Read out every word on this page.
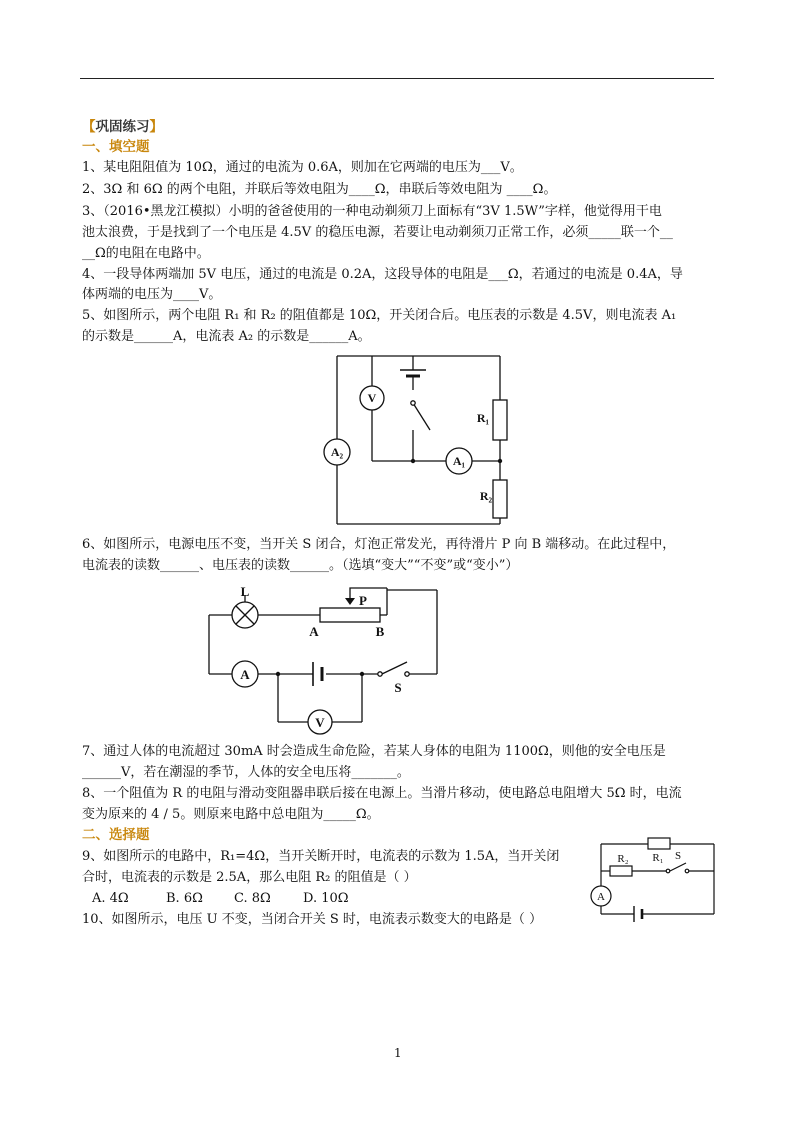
【巩固练习】
一、填空题
1、某电阻阻值为 10Ω，通过的电流为 0.6A，则加在它两端的电压为___V。
2、3Ω 和 6Ω 的两个电阻，并联后等效电阻为____Ω，串联后等效电阻为 ____Ω。
3、（2016•黑龙江模拟）小明的爸爸使用的一种电动剃须刀上面标有“3V 1.5W”字样，他觉得用干电
池太浪费，于是找到了一个电压是 4.5V 的稳压电源，若要让电动剃须刀正常工作，必须_____联一个__
__Ω的电阻在电路中。
4、一段导体两端加 5V 电压，通过的电流是 0.2A，这段导体的电阻是___Ω，若通过的电流是 0.4A，导
体两端的电压为____V。
5、如图所示，两个电阻 R₁ 和 R₂ 的阻值都是 10Ω，开关闭合后。电压表的示数是 4.5V，则电流表 A₁
的示数是______A，电流表 A₂ 的示数是______A。
V
A₁
A₂
R₁
R₂
6、如图所示，电源电压不变，当开关 S 闭合，灯泡正常发光，再待滑片 P 向 B 端移动。在此过程中，
电流表的读数______、电压表的读数______。（选填“变大”“不变”或“变小”）
L
P
A	B
A
V
S
7、通过人体的电流超过 30mA 时会造成生命危险，若某人身体的电阻为 1100Ω，则他的安全电压是
______V，若在潮湿的季节，人体的安全电压将_______。
8、一个阻值为 R 的电阻与滑动变阻器串联后接在电源上。当滑片移动，使电路总电阻增大 5Ω 时，电流
变为原来的 4 / 5。则原来电路中总电阻为_____Ω。
二、选择题
9、如图所示的电路中，R₁=4Ω，当开关断开时，电流表的示数为 1.5A，当开关闭
合时，电流表的示数是 2.5A，那么电阻 R₂ 的阻值是（ ）
A. 4Ω	B. 6Ω C. 8Ω D. 10Ω
R₁
R₂	S
A
10、如图所示，电压 U 不变，当闭合开关 S 时，电流表示数变大的电路是（ ）
1
